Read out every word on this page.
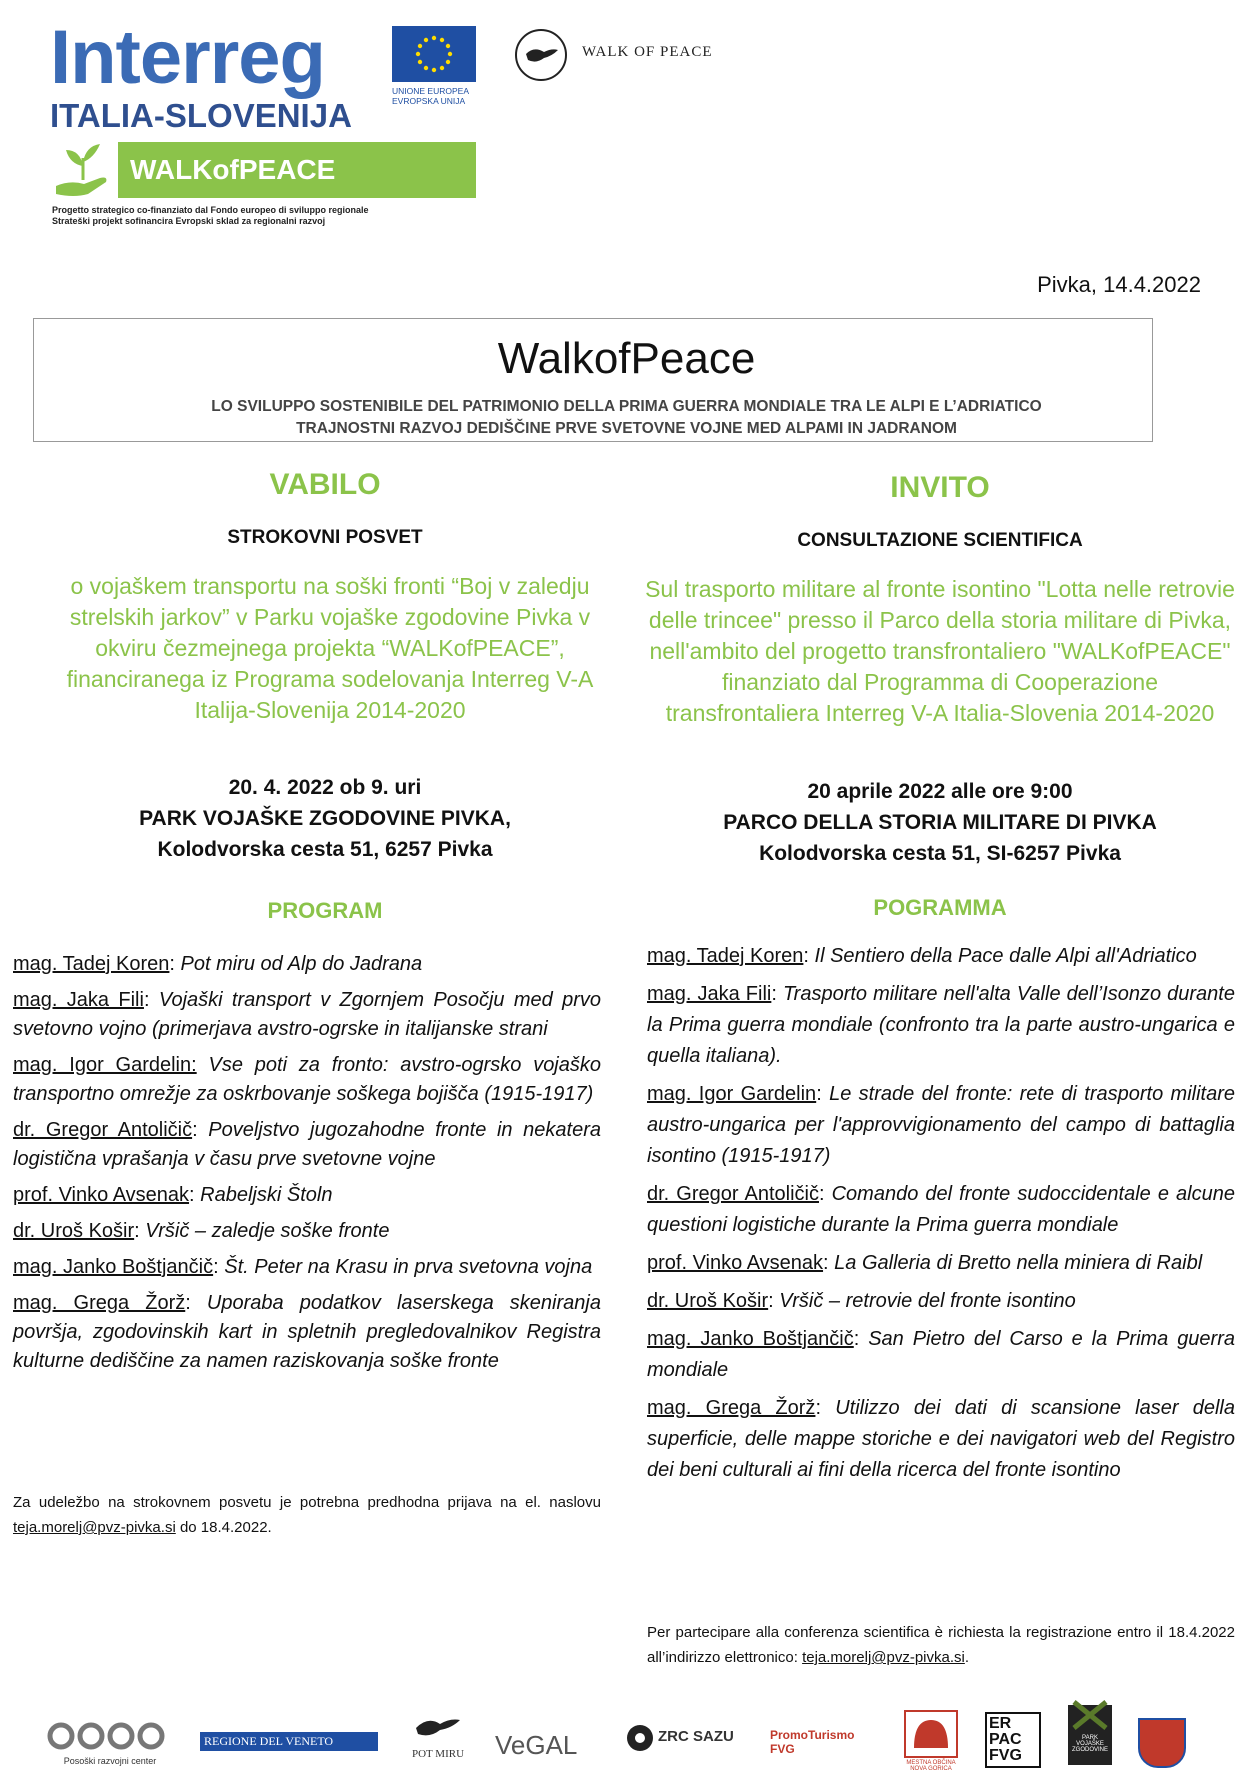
Interreg
ITALIA-SLOVENIJA
WALKofPEACE
Progetto strategico co-finanziato dal Fondo europeo di sviluppo regionale
Strateški projekt sofinancira Evropski sklad za regionalni razvoj
UNIONE EUROPEA
EVROPSKA UNIJA
WALK OF PEACE
Pivka, 14.4.2022
WalkofPeace
LO SVILUPPO SOSTENIBILE DEL PATRIMONIO DELLA PRIMA GUERRA MONDIALE TRA LE ALPI E L’ADRIATICO
TRAJNOSTNI RAZVOJ DEDIŠČINE PRVE SVETOVNE VOJNE MED ALPAMI IN JADRANOM
VABILO
STROKOVNI POSVET
o vojaškem transportu na soški fronti “Boj v zaledju strelskih jarkov” v Parku vojaške zgodovine Pivka v okviru čezmejnega projekta “WALKofPEACE”, financiranega iz Programa sodelovanja Interreg V-A Italija-Slovenija 2014-2020
20. 4. 2022 ob 9. uri
PARK VOJAŠKE ZGODOVINE PIVKA,
Kolodvorska cesta 51, 6257 Pivka
PROGRAM
mag. Tadej Koren: Pot miru od Alp do Jadrana
mag. Jaka Fili: Vojaški transport v Zgornjem Posočju med prvo svetovno vojno (primerjava avstro-ogrske in italijanske strani
mag. Igor Gardelin: Vse poti za fronto: avstro-ogrsko vojaško transportno omrežje za oskrbovanje soškega bojišča (1915-1917)
dr. Gregor Antoličič: Poveljstvo jugozahodne fronte in nekatera logistična vprašanja v času prve svetovne vojne
prof. Vinko Avsenak: Rabeljski Štoln
dr. Uroš Košir: Vršič – zaledje soške fronte
mag. Janko Boštjančič: Št. Peter na Krasu in prva svetovna vojna
mag. Grega Žorž: Uporaba podatkov laserskega skeniranja površja, zgodovinskih kart in spletnih pregledovalnikov Registra kulturne dediščine za namen raziskovanja soške fronte
Za udeležbo na strokovnem posvetu je potrebna predhodna prijava na el. naslovu teja.morelj@pvz-pivka.si do 18.4.2022.
INVITO
CONSULTAZIONE SCIENTIFICA
Sul trasporto militare al fronte isontino "Lotta nelle retrovie delle trincee" presso il Parco della storia militare di Pivka, nell'ambito del progetto transfrontaliero "WALKofPEACE" finanziato dal Programma di Cooperazione transfrontaliera Interreg V-A Italia-Slovenia 2014-2020
20 aprile 2022 alle ore 9:00
PARCO DELLA STORIA MILITARE DI PIVKA
Kolodvorska cesta 51, SI-6257 Pivka
POGRAMMA
mag. Tadej Koren: Il Sentiero della Pace dalle Alpi all'Adriatico
mag. Jaka Fili: Trasporto militare nell'alta Valle dell’Isonzo durante la Prima guerra mondiale (confronto tra la parte austro-ungarica e quella italiana).
mag. Igor Gardelin: Le strade del fronte: rete di trasporto militare austro-ungarica per l'approvvigionamento del campo di battaglia isontino (1915-1917)
dr. Gregor Antoličič: Comando del fronte sudoccidentale e alcune questioni logistiche durante la Prima guerra mondiale
prof. Vinko Avsenak: La Galleria di Bretto nella miniera di Raibl
dr. Uroš Košir: Vršič – retrovie del fronte isontino
mag. Janko Boštjančič: San Pietro del Carso e la Prima guerra mondiale
mag. Grega Žorž: Utilizzo dei dati di scansione laser della superficie, delle mappe storiche e dei navigatori web del Registro dei beni culturali ai fini della ricerca del fronte isontino
Per partecipare alla conferenza scientifica è richiesta la registrazione entro il 18.4.2022 all’indirizzo elettronico: teja.morelj@pvz-pivka.si.
Posoški razvojni center
REGIONE DEL VENETO
POT MIRU VeGAL	ZRC SAZU	PromoTurismo FVG
MESTNA OBČINA NOVA GORICA
ER PAC FVG
PARK VOJAŠKE ZGODOVINE
